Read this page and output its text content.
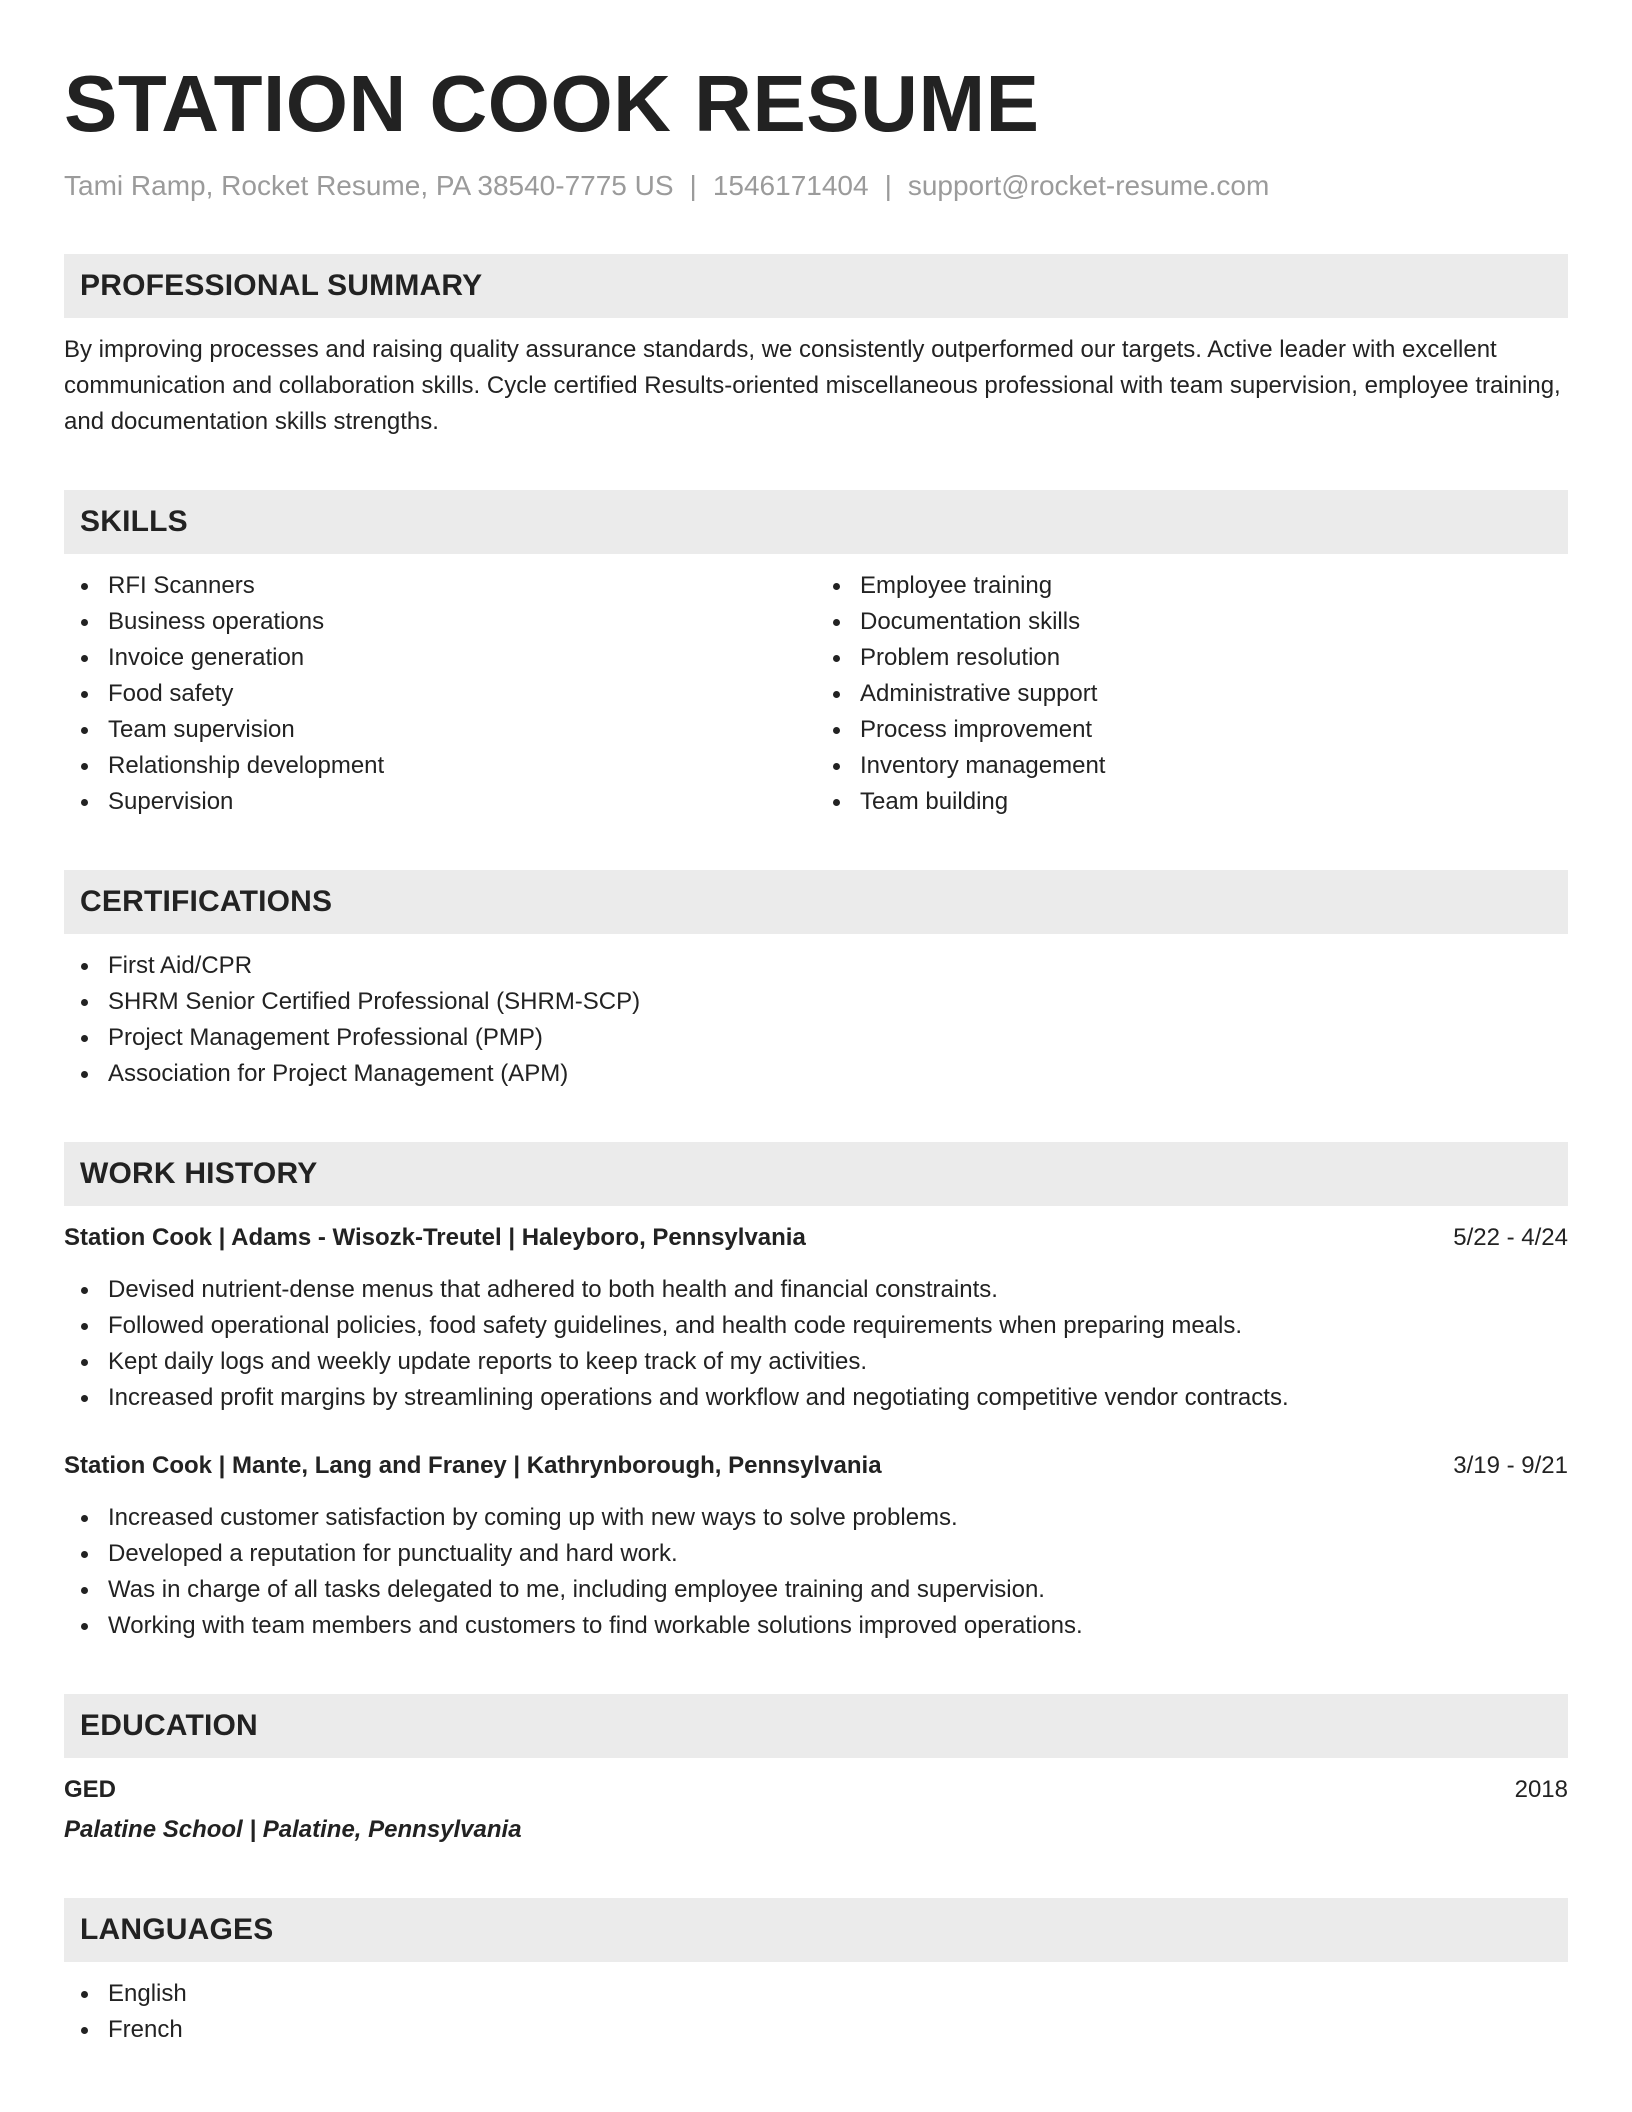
STATION COOK RESUME
Tami Ramp, Rocket Resume, PA 38540-7775 US | 1546171404 | support@rocket-resume.com
PROFESSIONAL SUMMARY
By improving processes and raising quality assurance standards, we consistently outperformed our targets. Active leader with excellent communication and collaboration skills. Cycle certified Results-oriented miscellaneous professional with team supervision, employee training, and documentation skills strengths.
SKILLS
RFI Scanners
Business operations
Invoice generation
Food safety
Team supervision
Relationship development
Supervision
Employee training
Documentation skills
Problem resolution
Administrative support
Process improvement
Inventory management
Team building
CERTIFICATIONS
First Aid/CPR
SHRM Senior Certified Professional (SHRM-SCP)
Project Management Professional (PMP)
Association for Project Management (APM)
WORK HISTORY
Station Cook | Adams - Wisozk-Treutel | Haleyboro, Pennsylvania	5/22 - 4/24
Devised nutrient-dense menus that adhered to both health and financial constraints.
Followed operational policies, food safety guidelines, and health code requirements when preparing meals.
Kept daily logs and weekly update reports to keep track of my activities.
Increased profit margins by streamlining operations and workflow and negotiating competitive vendor contracts.
Station Cook | Mante, Lang and Franey | Kathrynborough, Pennsylvania	3/19 - 9/21
Increased customer satisfaction by coming up with new ways to solve problems.
Developed a reputation for punctuality and hard work.
Was in charge of all tasks delegated to me, including employee training and supervision.
Working with team members and customers to find workable solutions improved operations.
EDUCATION
GED	2018
Palatine School | Palatine, Pennsylvania
LANGUAGES
English
French
